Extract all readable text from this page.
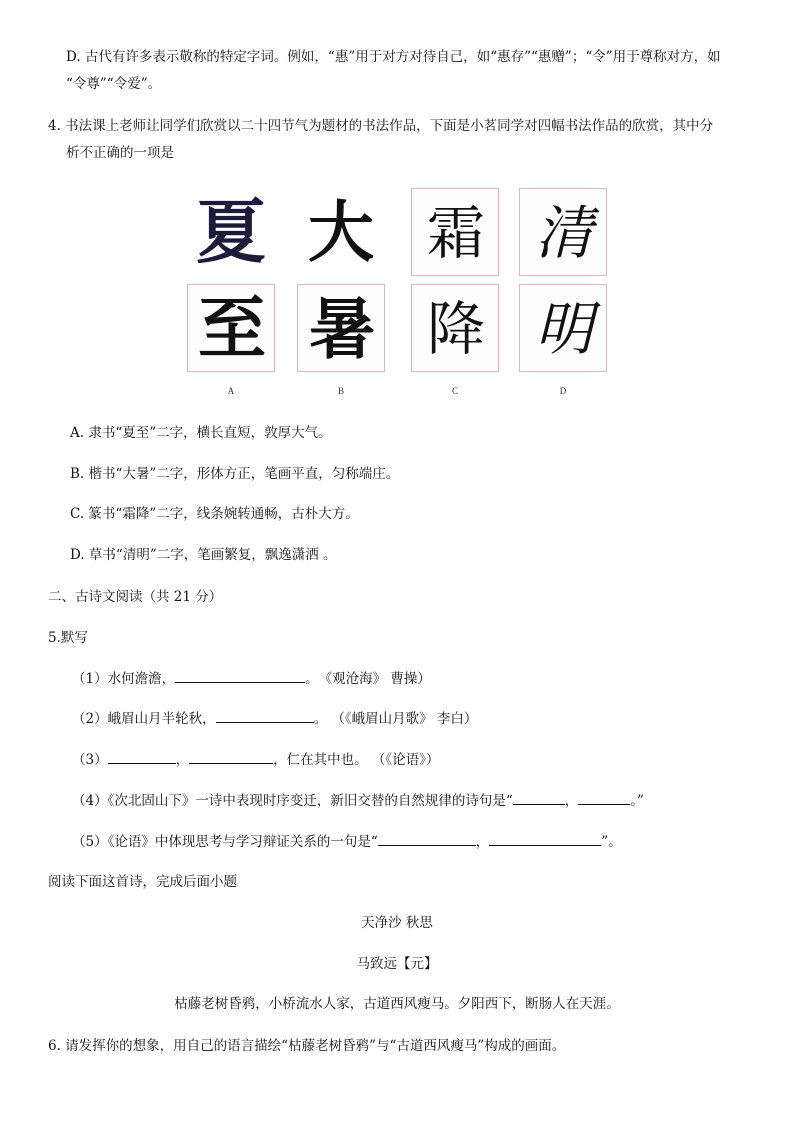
D. 古代有许多表示敬称的特定字词。例如，“惠”用于对方对待自己，如“惠存”“惠赠”；“令”用于尊称对方，如
“令尊”“令爱”。
4. 书法课上老师让同学们欣赏以二十四节气为题材的书法作品，下面是小茗同学对四幅书法作品的欣赏，其中分
析不正确的一项是
夏 大 霜 清
至 暑 降 明
A	B	C	D
A. 隶书“夏至”二字，横长直短，敦厚大气。
B. 楷书“大暑”二字，形体方正，笔画平直，匀称端庄。
C. 篆书“霜降”二字，线条婉转通畅，古朴大方。
D. 草书“清明”二字，笔画繁复，飘逸潇洒 。
二、古诗文阅读（共 21 分）
5.默写
（1）水何澹澹，	。　《观沧海》 曹操）
（2）峨眉山月半轮秋，	。 （《峨眉山月歌》 李白）
（3）	，	，仁在其中也。 （《论语》）
（4）《次北固山下》一诗中表现时序变迁，新旧交替的自然规律的诗句是“	，	。”
（5）《论语》中体现思考与学习辩证关系的一句是“	，	”。
阅读下面这首诗，完成后面小题
天净沙 秋思
马致远【元】
枯藤老树昏鸦，小桥流水人家，古道西风瘦马。夕阳西下，断肠人在天涯。
6. 请发挥你的想象，用自己的语言描绘“枯藤老树昏鸦”与“古道西风瘦马”构成的画面。
